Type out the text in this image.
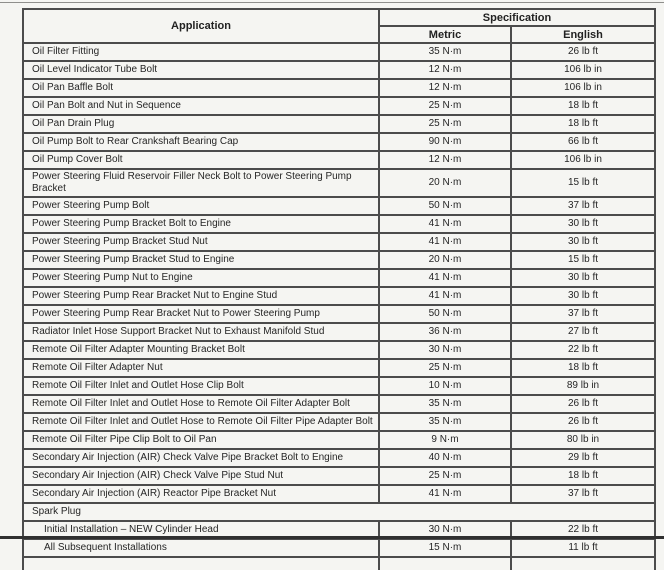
Application	Specification	
	Metric	English
Oil Filter Fitting	35 N·m	26 lb ft
Oil Level Indicator Tube Bolt	12 N·m	106 lb in
Oil Pan Baffle Bolt	12 N·m	106 lb in
Oil Pan Bolt and Nut in Sequence	25 N·m	18 lb ft
Oil Pan Drain Plug	25 N·m	18 lb ft
Oil Pump Bolt to Rear Crankshaft Bearing Cap	90 N·m	66 lb ft
Oil Pump Cover Bolt	12 N·m	106 lb in
Power Steering Fluid Reservoir Filler Neck Bolt to Power Steering Pump Bracket	20 N·m	15 lb ft
Power Steering Pump Bolt	50 N·m	37 lb ft
Power Steering Pump Bracket Bolt to Engine	41 N·m	30 lb ft
Power Steering Pump Bracket Stud Nut	41 N·m	30 lb ft
Power Steering Pump Bracket Stud to Engine	20 N·m	15 lb ft
Power Steering Pump Nut to Engine	41 N·m	30 lb ft
Power Steering Pump Rear Bracket Nut to Engine Stud	41 N·m	30 lb ft
Power Steering Pump Rear Bracket Nut to Power Steering Pump	50 N·m	37 lb ft
Radiator Inlet Hose Support Bracket Nut to Exhaust Manifold Stud	36 N·m	27 lb ft
Remote Oil Filter Adapter Mounting Bracket Bolt	30 N·m	22 lb ft
Remote Oil Filter Adapter Nut	25 N·m	18 lb ft
Remote Oil Filter Inlet and Outlet Hose Clip Bolt	10 N·m	89 lb in
Remote Oil Filter Inlet and Outlet Hose to Remote Oil Filter Adapter Bolt	35 N·m	26 lb ft
Remote Oil Filter Inlet and Outlet Hose to Remote Oil Filter Pipe Adapter Bolt	35 N·m	26 lb ft
Remote Oil Filter Pipe Clip Bolt to Oil Pan	9 N·m	80 lb in
Secondary Air Injection (AIR) Check Valve Pipe Bracket Bolt to Engine	40 N·m	29 lb ft
Secondary Air Injection (AIR) Check Valve Pipe Stud Nut	25 N·m	18 lb ft
Secondary Air Injection (AIR) Reactor Pipe Bracket Nut	41 N·m	37 lb ft
Spark Plug		
Initial Installation – NEW Cylinder Head	30 N·m	22 lb ft
All Subsequent Installations	15 N·m	11 lb ft
